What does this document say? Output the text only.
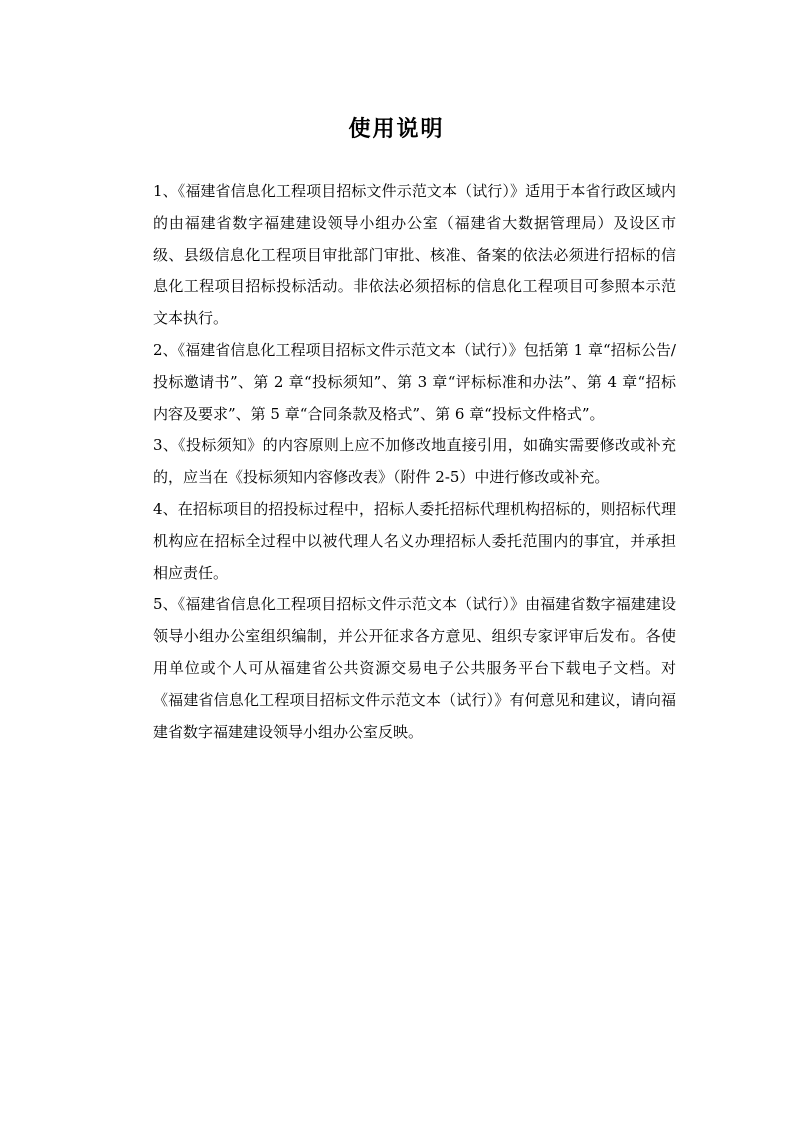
使用说明

1、《福建省信息化工程项目招标文件示范文本（试行）》适用于本省行政区域内的由福建省数字福建建设领导小组办公室（福建省大数据管理局）及设区市级、县级信息化工程项目审批部门审批、核准、备案的依法必须进行招标的信息化工程项目招标投标活动。非依法必须招标的信息化工程项目可参照本示范文本执行。

2、《福建省信息化工程项目招标文件示范文本（试行）》包括第 1 章“招标公告/投标邀请书”、第 2 章“投标须知”、第 3 章“评标标准和办法”、第 4 章“招标内容及要求”、第 5 章“合同条款及格式”、第 6 章“投标文件格式”。

3、《投标须知》的内容原则上应不加修改地直接引用，如确实需要修改或补充的，应当在《投标须知内容修改表》（附件 2-5）中进行修改或补充。

4、在招标项目的招投标过程中，招标人委托招标代理机构招标的，则招标代理机构应在招标全过程中以被代理人名义办理招标人委托范围内的事宜，并承担相应责任。

5、《福建省信息化工程项目招标文件示范文本（试行）》由福建省数字福建建设领导小组办公室组织编制，并公开征求各方意见、组织专家评审后发布。各使用单位或个人可从福建省公共资源交易电子公共服务平台下载电子文档。对《福建省信息化工程项目招标文件示范文本（试行）》有何意见和建议，请向福建省数字福建建设领导小组办公室反映。
